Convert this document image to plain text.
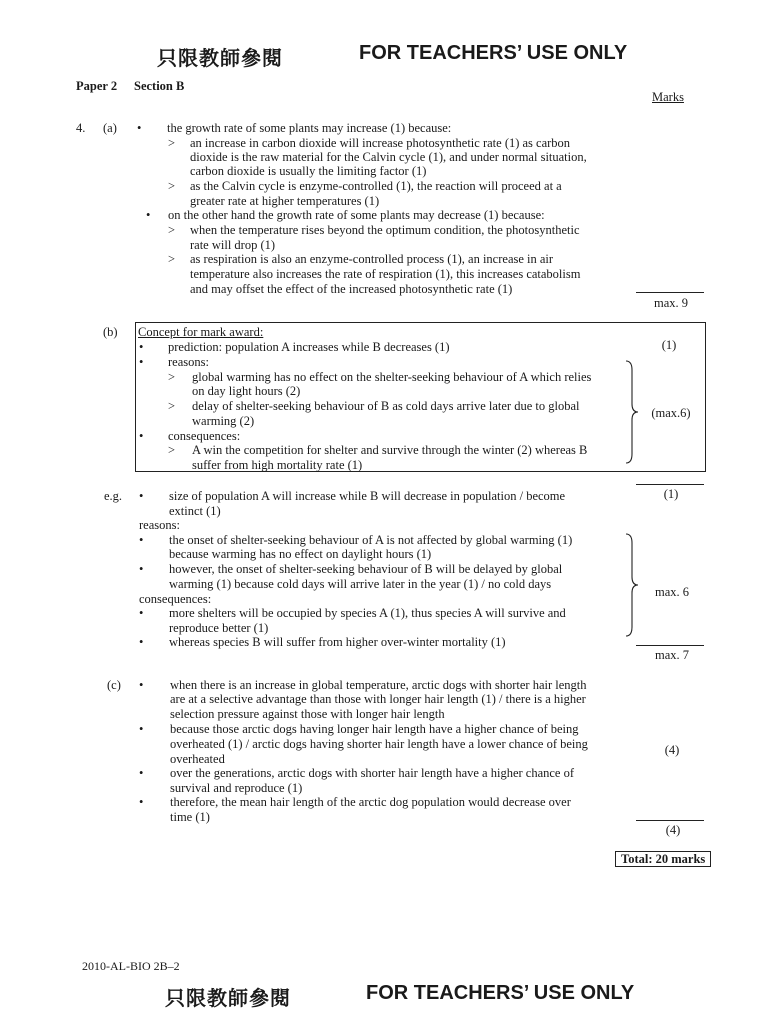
只限教師參閱	FOR TEACHERS’ USE ONLY
Paper 2 Section B
Marks
4. (a) • the growth rate of some plants may increase (1) because:
> an increase in carbon dioxide will increase photosynthetic rate (1) as carbon
dioxide is the raw material for the Calvin cycle (1), and under normal situation,
carbon dioxide is usually the limiting factor (1)
> as the Calvin cycle is enzyme-controlled (1), the reaction will proceed at a
greater rate at higher temperatures (1)
• on the other hand the growth rate of some plants may decrease (1) because:
> when the temperature rises beyond the optimum condition, the photosynthetic
rate will drop (1)
> as respiration is also an enzyme-controlled process (1), an increase in air
temperature also increases the rate of respiration (1), this increases catabolism
and may offset the effect of the increased photosynthetic rate (1)
max. 9
(b) Concept for mark award:
• prediction: population A increases while B decreases (1)
• reasons:
> global warming has no effect on the shelter-seeking behaviour of A which relies
on day light hours (2)
> delay of shelter-seeking behaviour of B as cold days arrive later due to global
warming (2)
• consequences:
> A win the competition for shelter and survive through the winter (2) whereas B
suffer from high mortality rate (1)
(1)
(max.6)
e.g. • size of population A will increase while B will decrease in population / become
extinct (1)
reasons:
• the onset of shelter-seeking behaviour of A is not affected by global warming (1)
because warming has no effect on daylight hours (1)
• however, the onset of shelter-seeking behaviour of B will be delayed by global
warming (1) because cold days will arrive later in the year (1) / no cold days
consequences:
• more shelters will be occupied by species A (1), thus species A will survive and
reproduce better (1)
• whereas species B will suffer from higher over-winter mortality (1)
(1)
max. 6
max. 7
(c) • when there is an increase in global temperature, arctic dogs with shorter hair length
are at a selective advantage than those with longer hair length (1) / there is a higher
selection pressure against those with longer hair length
• because those arctic dogs having longer hair length have a higher chance of being
overheated (1) / arctic dogs having shorter hair length have a lower chance of being
overheated
• over the generations, arctic dogs with shorter hair length have a higher chance of
survival and reproduce (1)
• therefore, the mean hair length of the arctic dog population would decrease over
time (1)
(4)
(4)
Total: 20 marks
2010-AL-BIO 2B–2
只限教師參閱	FOR TEACHERS’ USE ONLY
